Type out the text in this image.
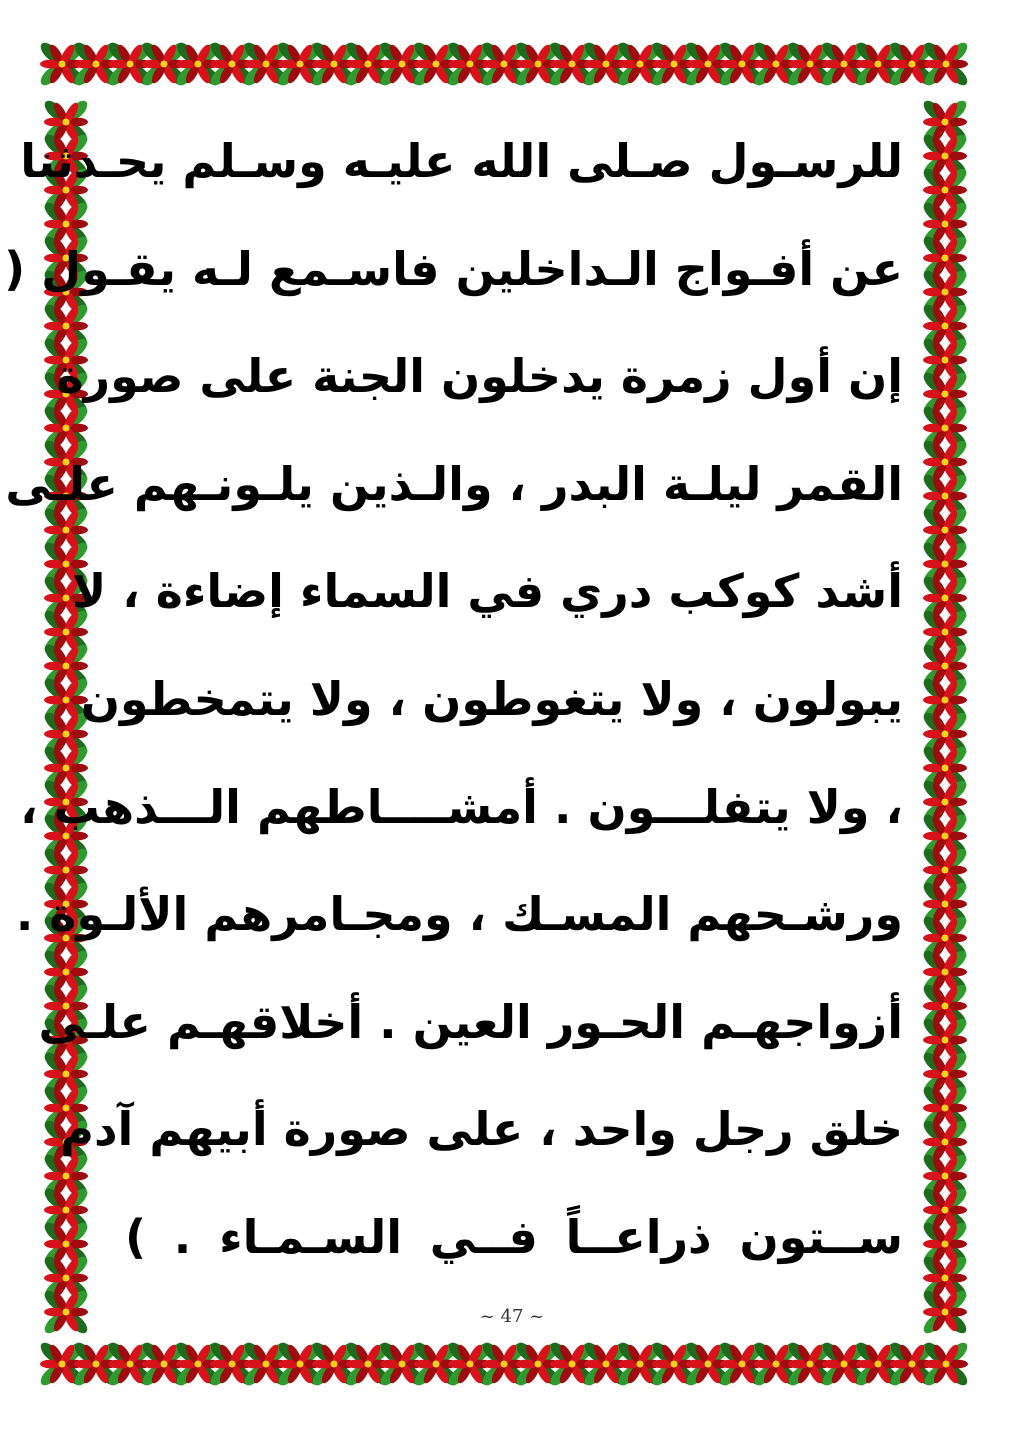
للرسـول صـلى الله عليـه وسـلم يحـدثنا
عن أفـواج الـداخلين فاسـمع لـه يقـول (
إن أول زمرة يدخلون الجنة على صورة
القمر ليلـة البدر ، والـذين يلـونـهم علـى
أشد كوكب دري في السماء إضاءة ، لا
يبولون ، ولا يتغوطون ، ولا يتمخطون
، ولا يتفلـــون . أمشــــاطهم الـــذهب ،
ورشـحهم المسـك ، ومجـامرهم الألـوة .
أزواجهـم الحـور العين . أخلاقهـم علـى
خلق رجل واحد ، على صورة أبيهم آدم
ســتون ذراعــاً فــي السـمـاء . )
~ 47 ~
